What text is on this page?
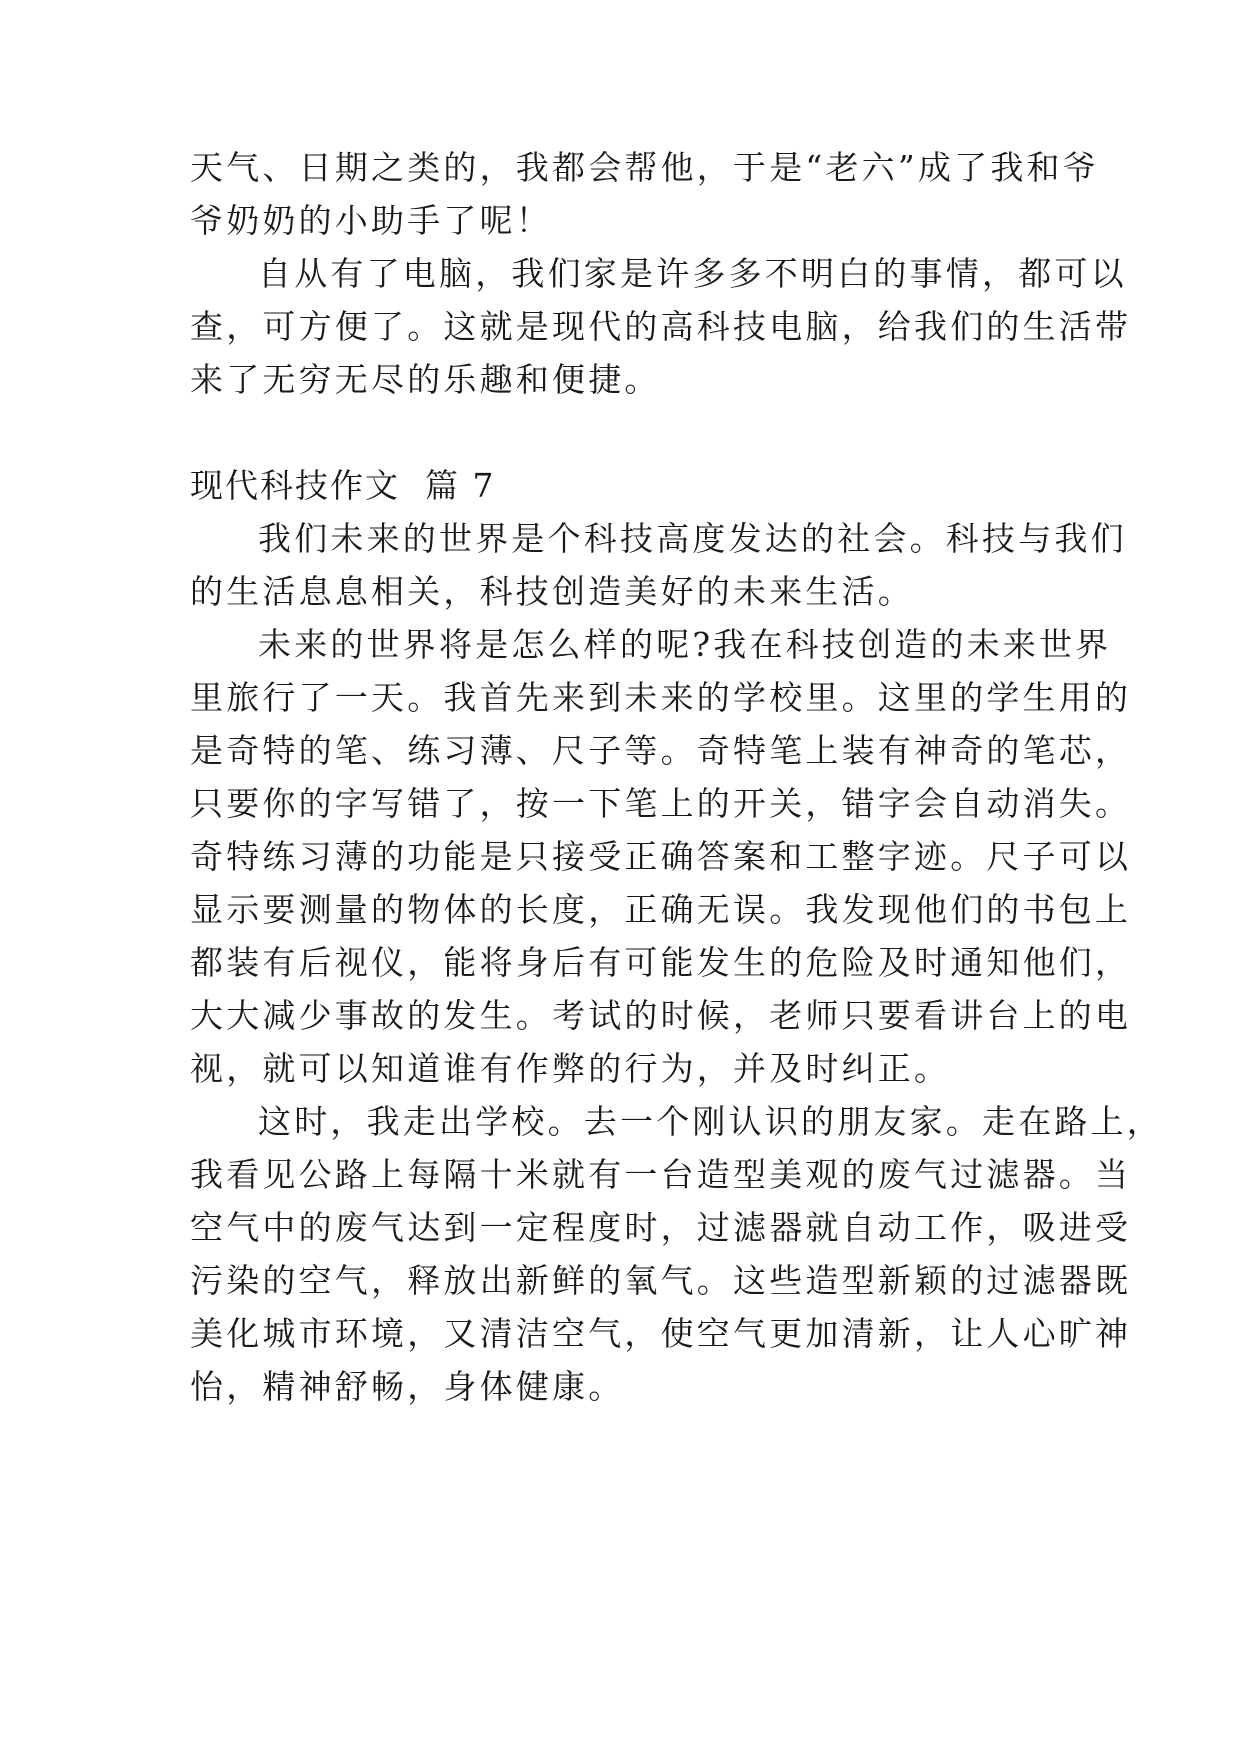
天气、日期之类的，我都会帮他，于是“老六”成了我和爷
爷奶奶的小助手了呢！
自从有了电脑，我们家是许多多不明白的事情，都可以
查，可方便了。这就是现代的高科技电脑，给我们的生活带
来了无穷无尽的乐趣和便捷。
现代科技作文  篇 7
我们未来的世界是个科技高度发达的社会。科技与我们
的生活息息相关，科技创造美好的未来生活。
未来的世界将是怎么样的呢?我在科技创造的未来世界
里旅行了一天。我首先来到未来的学校里。这里的学生用的
是奇特的笔、练习薄、尺子等。奇特笔上装有神奇的笔芯，
只要你的字写错了，按一下笔上的开关，错字会自动消失。
奇特练习薄的功能是只接受正确答案和工整字迹。尺子可以
显示要测量的物体的长度，正确无误。我发现他们的书包上
都装有后视仪，能将身后有可能发生的危险及时通知他们，
大大减少事故的发生。考试的时候，老师只要看讲台上的电
视，就可以知道谁有作弊的行为，并及时纠正。
这时，我走出学校。去一个刚认识的朋友家。走在路上，
我看见公路上每隔十米就有一台造型美观的废气过滤器。当
空气中的废气达到一定程度时，过滤器就自动工作，吸进受
污染的空气，释放出新鲜的氧气。这些造型新颖的过滤器既
美化城市环境，又清洁空气，使空气更加清新，让人心旷神
怡，精神舒畅，身体健康。
